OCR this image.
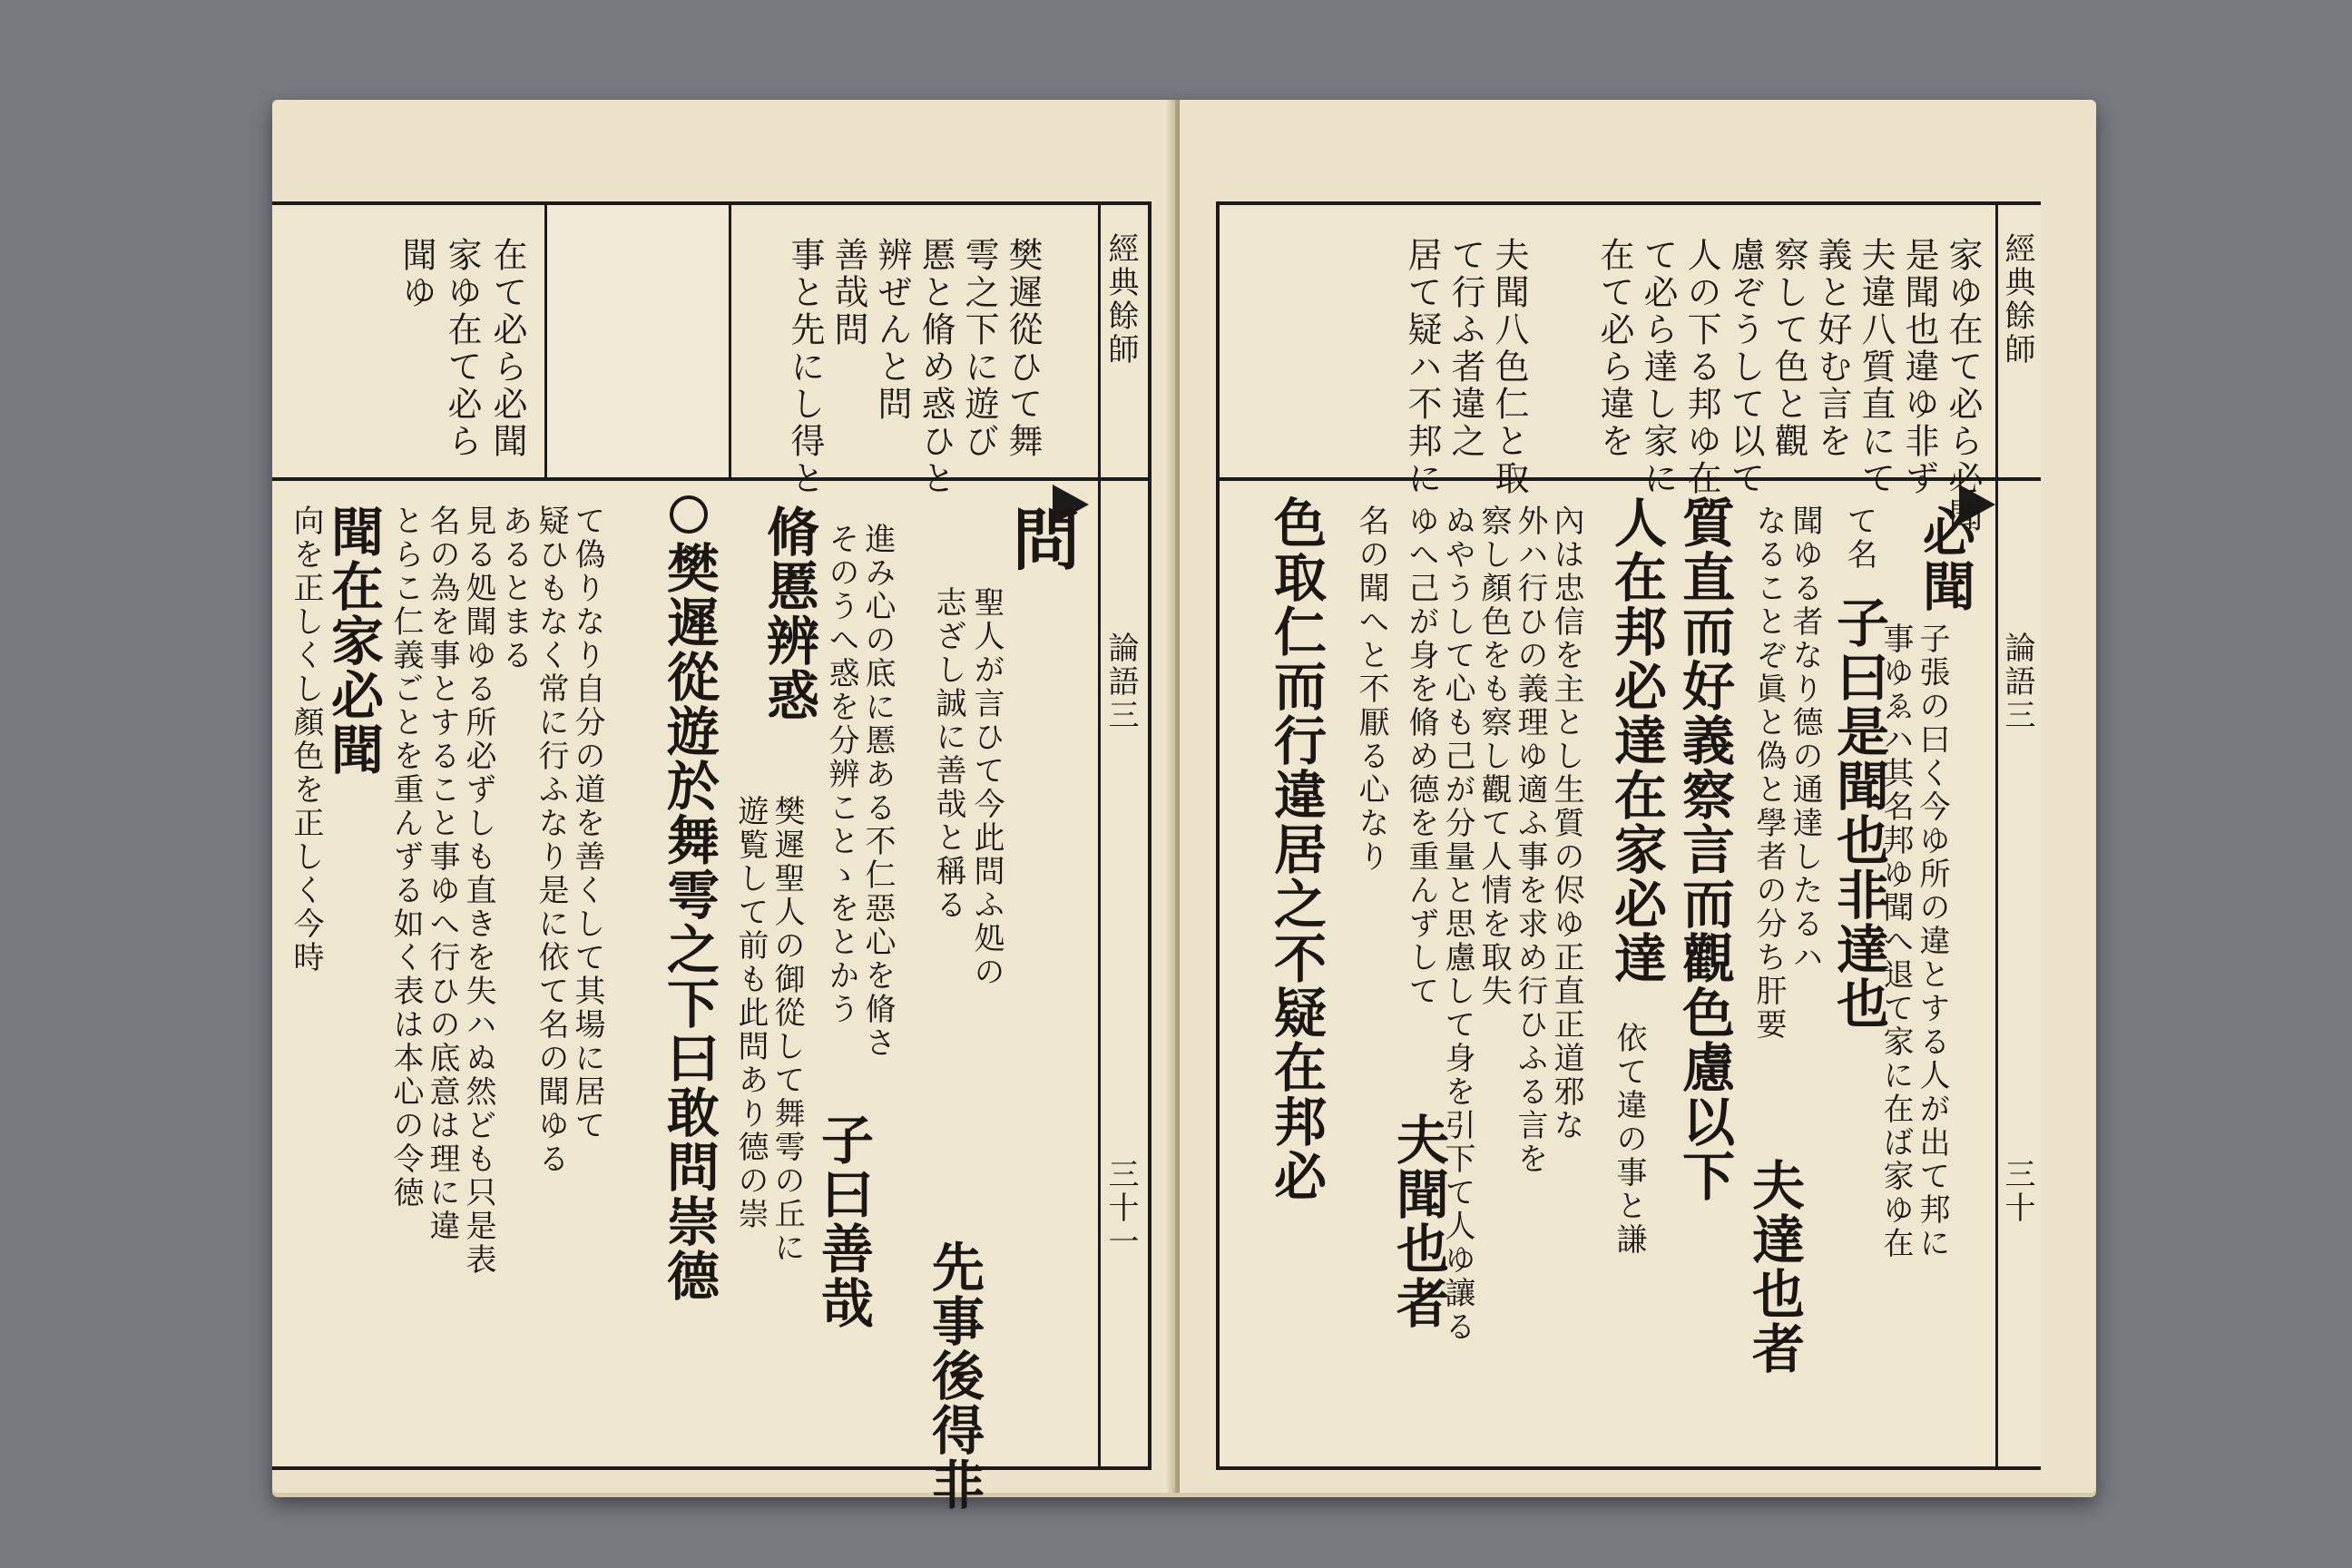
經典餘師
論語三
三十一
樊遲從ひて舞
雩之下に遊び
慝と脩め惑ひと
辨ぜんと問
善哉問
事と先にし得と
在て必ら必聞
家ゆ在て必ら
聞ゆ
問
聖人が言ひて今此問ふ処の
志ざし誠に善哉と稱る
先事後得非
進み心の底に慝ある不仁惡心を脩さ
そのうへ惑を分辨ことゝをとかう
子曰善哉
脩慝辨惑
樊遲聖人の御從して舞雩の丘に
遊覧して前も此問あり德の崇
樊遲從遊於舞雩之下曰敢問崇德
て偽りなり自分の道を善くして其場に居て
疑ひもなく常に行ふなり是に依て名の聞ゆる
あるとまる
見る処聞ゆる所必ずしも直きを失ハぬ然ども只是表
名の為を事とすること事ゆへ行ひの底意は理に違
とらこ仁義ごとを重んずる如く表は本心の令徳
聞在家必聞
向を正しくし顏色を正しく今時
經典餘師
論語三
三十
家ゆ在て必ら必聞
是聞也違ゆ非ず
夫違八質直にて
義と好む言を
察して色と觀
慮ぞうして以て
人の下る邦ゆ在
て必ら達し家に
在て必ら違を
夫聞八色仁と取
て行ふ者違之
居て疑ハ不邦に
必聞
子張の曰く今ゆ所の違とする人が出て邦に
事ゆゑハ其名邦ゆ聞へ退て家に在ば家ゆ在
て名
子曰是聞也非達也
聞ゆる者なり德の通達したるハ
なることぞ眞と偽と學者の分ち肝要
夫達也者
質直而好義察言而觀色慮以下
人在邦必達在家必達
依て違の事と謙
內は忠信を主とし生質の侭ゆ正直正道邪な
外ハ行ひの義理ゆ適ふ事を求め行ひふる言を
察し顏色をも察し觀て人情を取失
ぬやうして心も己が分量と思慮して身を引下て人ゆ讓る
ゆへ己が身を脩め德を重んずして
夫聞也者
名の聞へと不厭る心なり
色取仁而行違居之不疑在邦必
